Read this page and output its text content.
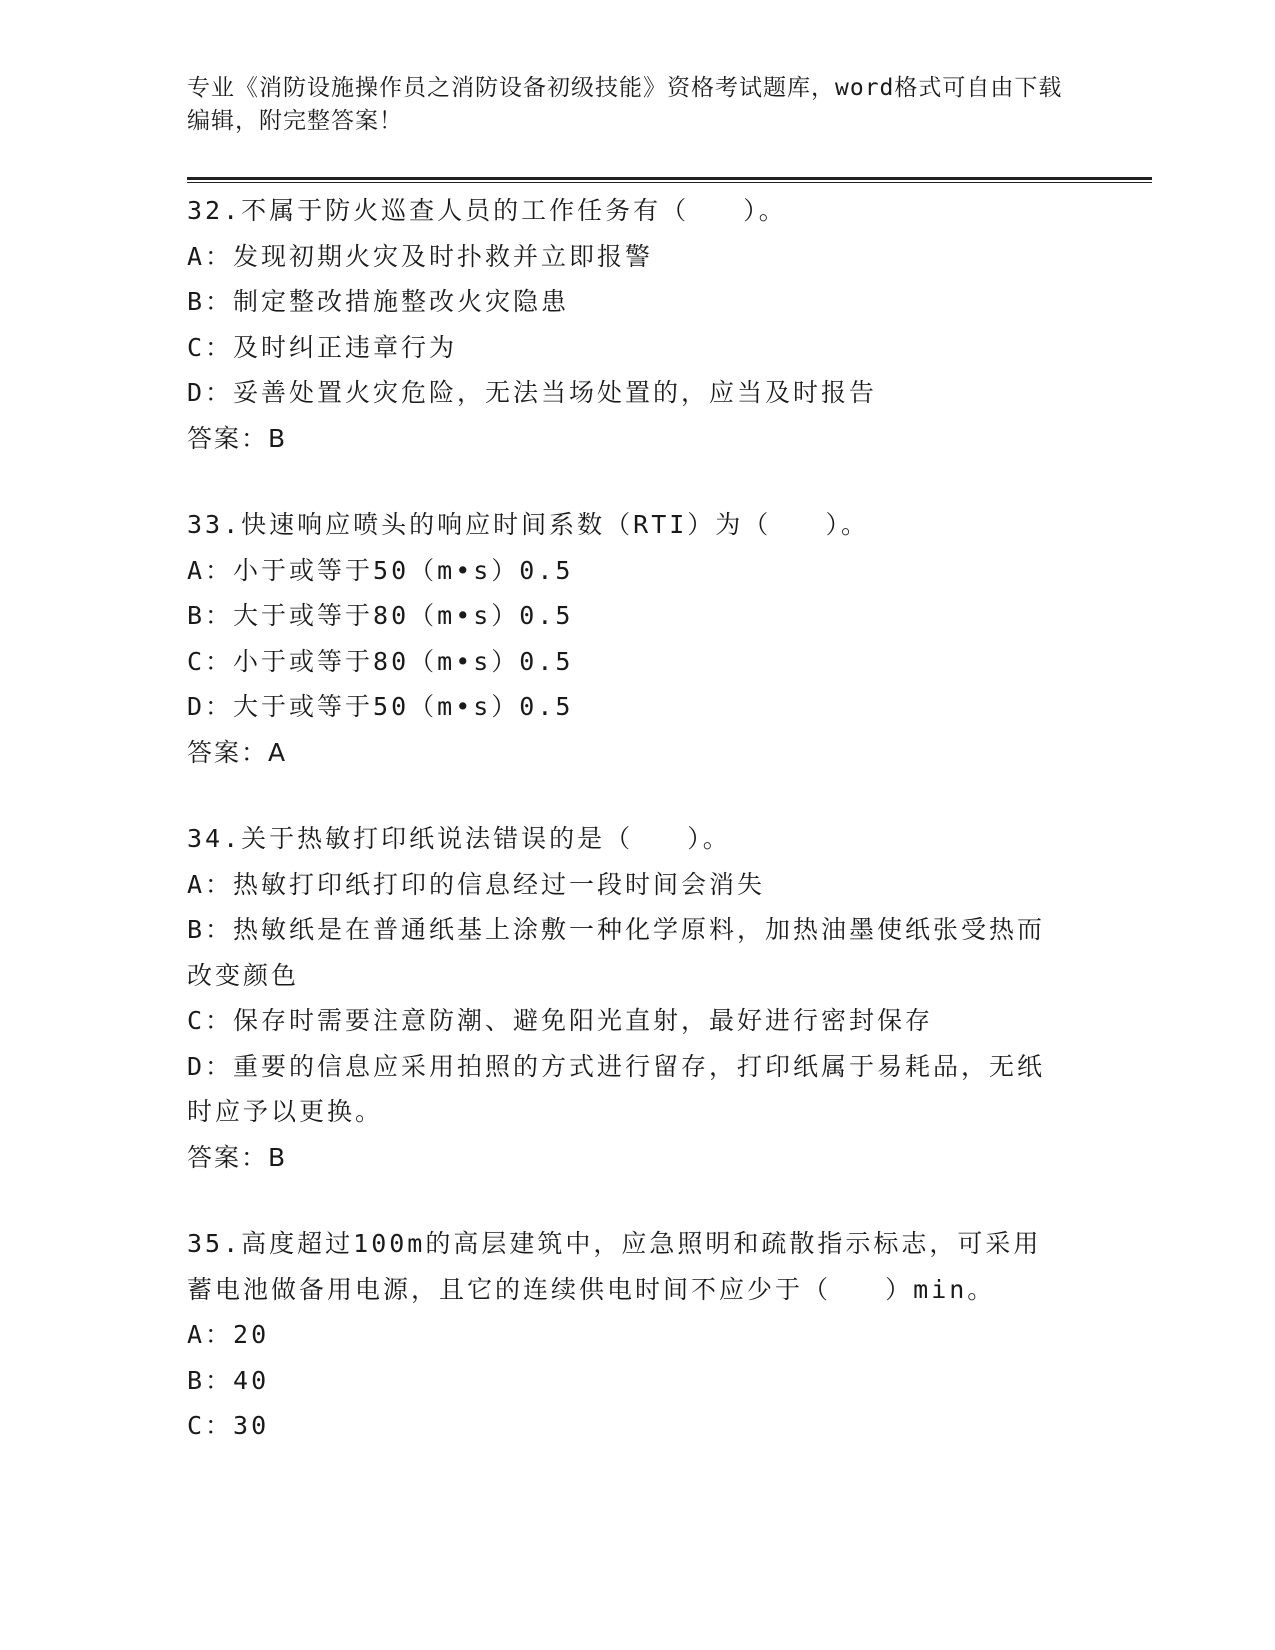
专业《消防设施操作员之消防设备初级技能》资格考试题库，word格式可自由下载编辑，附完整答案！
32.不属于防火巡查人员的工作任务有（   ）。
A：发现初期火灾及时扑救并立即报警
B：制定整改措施整改火灾隐患
C：及时纠正违章行为
D：妥善处置火灾危险，无法当场处置的，应当及时报告
答案：B
33.快速响应喷头的响应时间系数（RTI）为（   ）。
A：小于或等于50（m•s）0.5
B：大于或等于80（m•s）0.5
C：小于或等于80（m•s）0.5
D：大于或等于50（m•s）0.5
答案：A
34.关于热敏打印纸说法错误的是（   ）。
A：热敏打印纸打印的信息经过一段时间会消失
B：热敏纸是在普通纸基上涂敷一种化学原料，加热油墨使纸张受热而改变颜色
C：保存时需要注意防潮、避免阳光直射，最好进行密封保存
D：重要的信息应采用拍照的方式进行留存，打印纸属于易耗品，无纸时应予以更换。
答案：B
35.高度超过100m的高层建筑中，应急照明和疏散指示标志，可采用蓄电池做备用电源，且它的连续供电时间不应少于（   ）min。
A：20
B：40
C：30
